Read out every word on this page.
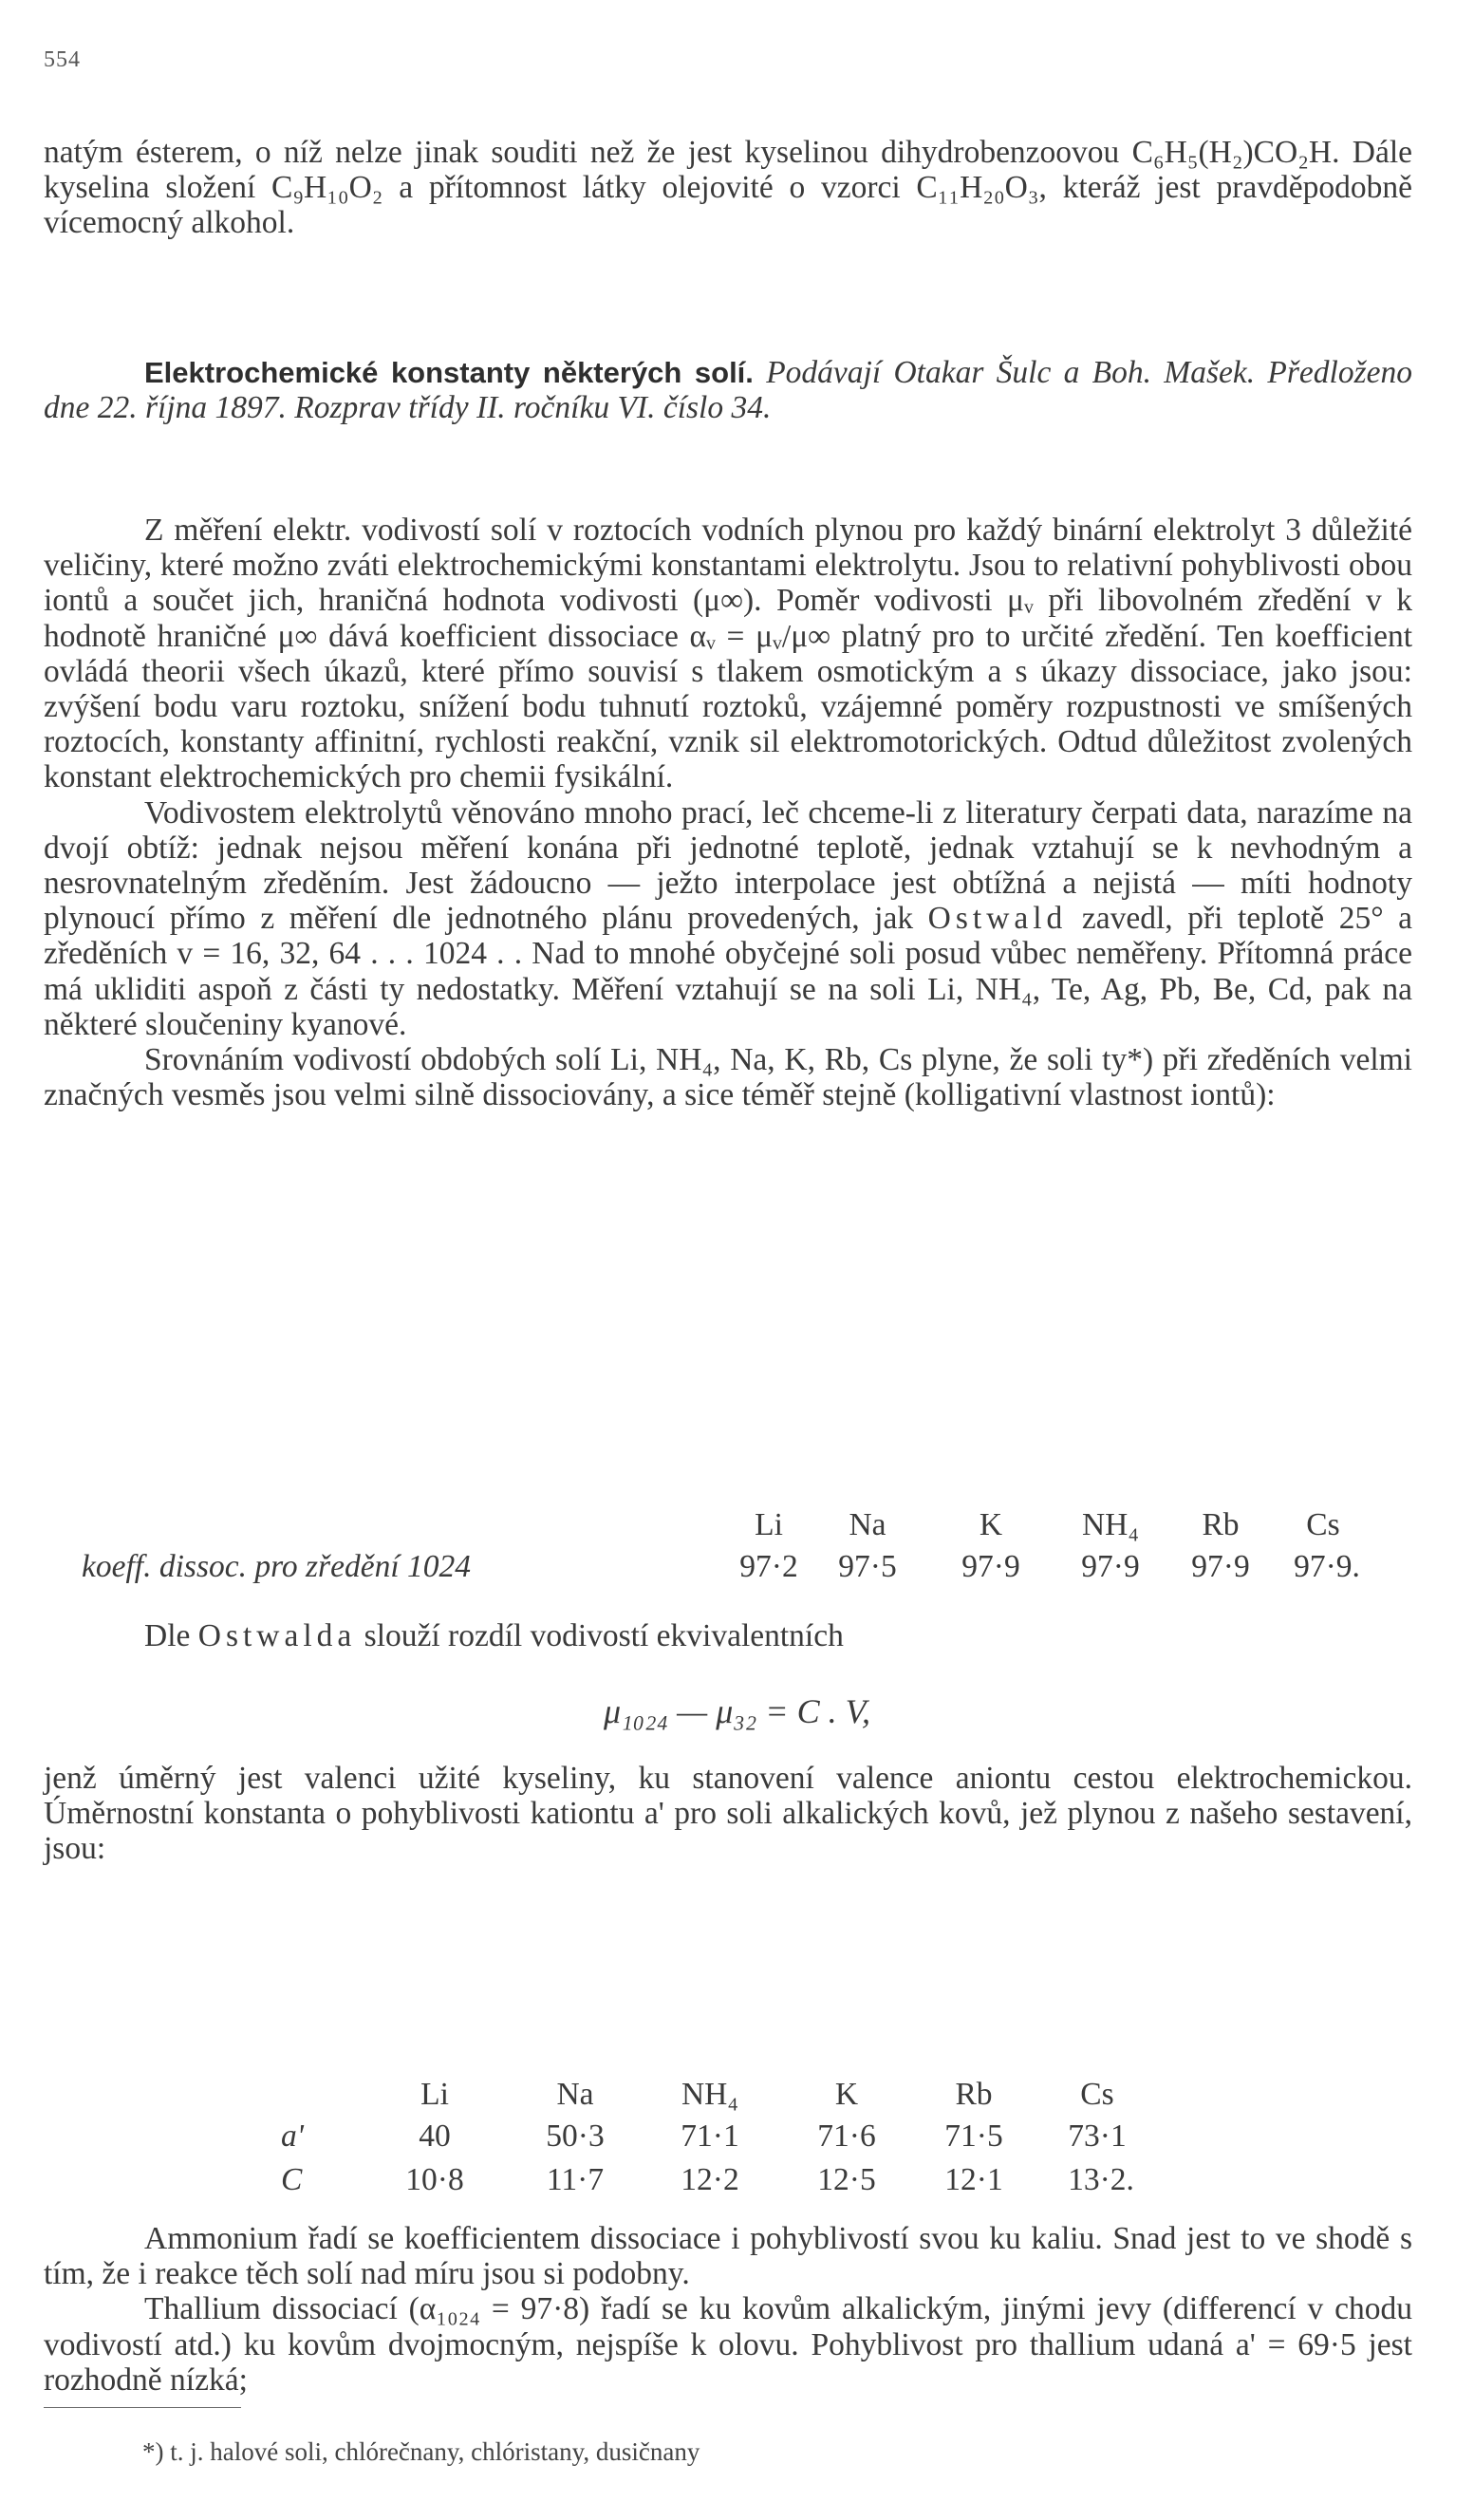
554

natým ésterem, o níž nelze jinak souditi než že jest kyselinou dihydrobenzoovou C₆H₅(H₂)CO₂H. Dále kyselina složení C₉H₁₀O₂ a přítomnost látky olejovité o vzorci C₁₁H₂₀O₃, kteráž jest pravděpodobně vícemocný alkohol.

Elektrochemické konstanty některých solí. Podávají Otakar Šulc a Boh. Mašek. Předloženo dne 22. října 1897. Rozprav třídy II. ročníku VI. číslo 34.

Z měření elektr. vodivostí solí v roztocích vodních plynou pro každý binární elektrolyt 3 důležité veličiny, které možno zváti elektrochemickými konstantami elektrolytu. Jsou to relativní pohyblivosti obou iontů a součet jich, hraničná hodnota vodivosti (μ∞). Poměr vodivosti μᵥ při libovolném zředění v k hodnotě hraničné μ∞ dává koefficient dissociace αᵥ = μᵥ/μ∞ platný pro to určité zředění. Ten koefficient ovládá theorii všech úkazů, které přímo souvisí s tlakem osmotickým a s úkazy dissociace, jako jsou: zvýšení bodu varu roztoku, snížení bodu tuhnutí roztoků, vzájemné poměry rozpustnosti ve smíšených roztocích, konstanty affinitní, rychlosti reakční, vznik sil elektromotorických. Odtud důležitost zvolených konstant elektrochemických pro chemii fysikální.

Vodivostem elektrolytů věnováno mnoho prací, leč chceme-li z literatury čerpati data, narazíme na dvojí obtíž: jednak nejsou měření konána při jednotné teplotě, jednak vztahují se k nevhodným a nesrovnatelným zředěním. Jest žádoucno — ježto interpolace jest obtížná a nejistá — míti hodnoty plynoucí přímo z měření dle jednotného plánu provedených, jak Ostwald zavedl, při teplotě 25° a zředěních v = 16, 32, 64 . . . 1024 . . Nad to mnohé obyčejné soli posud vůbec neměřeny. Přítomná práce má ukliditi aspoň z části ty nedostatky. Měření vztahují se na soli Li, NH₄, Te, Ag, Pb, Be, Cd, pak na některé sloučeniny kyanové.

Srovnáním vodivostí obdobých solí Li, NH₄, Na, K, Rb, Cs plyne, že soli ty*) při zředěních velmi značných vesměs jsou velmi silně dissociovány, a sice téměř stejně (kolligativní vlastnost iontů):

Li Na	K	NH₄ Rb Cs
koeff. dissoc. pro zředění 1024	97·2 97·5 97·9 97·9 97·9 97·9.

Dle Ostwalda slouží rozdíl vodivostí ekvivalentních

μ₁₀₂₄ — μ₃₂ = C . V,

jenž úměrný jest valenci užité kyseliny, ku stanovení valence aniontu cestou elektrochemickou. Úměrnostní konstanta o pohyblivosti kationtu a' pro soli alkalických kovů, jež plynou z našeho sestavení, jsou:

Li	Na	NH₄	K	Rb	Cs
a'	40	50·3 71·1 71·6 71·5 73·1
C	10·8	11·7 12·2 12·5 12·1 13·2.

Ammonium řadí se koefficientem dissociace i pohyblivostí svou ku kaliu. Snad jest to ve shodě s tím, že i reakce těch solí nad míru jsou si podobny.

Thallium dissociací (α₁₀₂₄ = 97·8) řadí se ku kovům alkalickým, jinými jevy (differencí v chodu vodivostí atd.) ku kovům dvojmocným, nejspíše k olovu. Pohyblivost pro thallium udaná a' = 69·5 jest rozhodně nízká;

*) t. j. halové soli, chlórečnany, chlóristany, dusičnany
